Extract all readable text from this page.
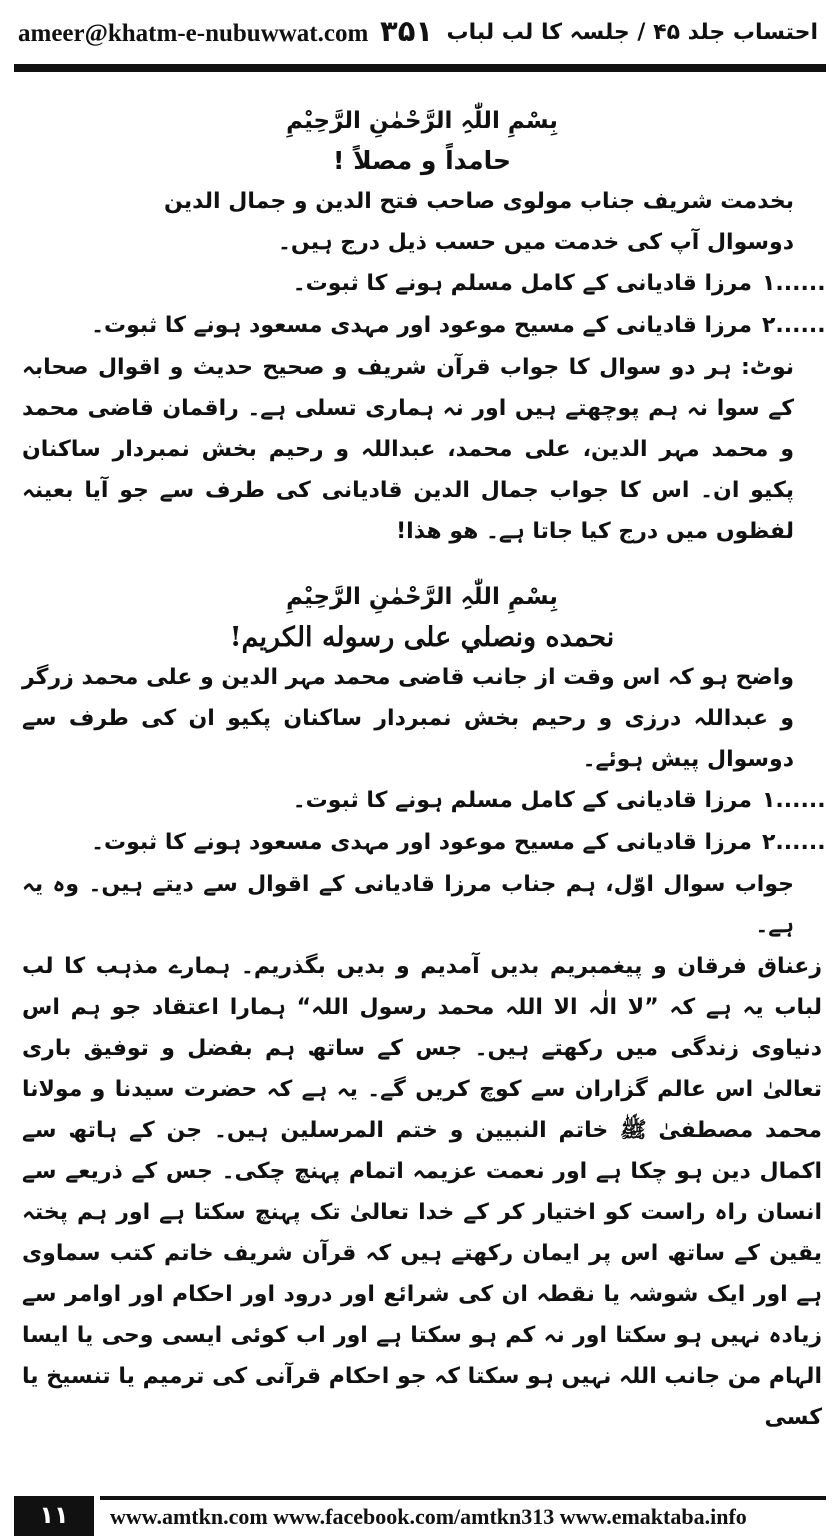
ameer@khatm-e-nubuwwat.com ۳۵۱ احتساب جلد ۴۵ / جلسہ کا لب لباب
بِسْمِ اللّٰہِ الرَّحْمٰنِ الرَّحِیْمِ
حامداً و مصلاً !

بخدمت شریف جناب مولوی صاحب فتح الدین و جمال الدین

دوسوال آپ کی خدمت میں حسب ذیل درج ہیں۔

۱......
مرزا قادیانی کے کامل مسلم ہونے کا ثبوت۔

۲......
مرزا قادیانی کے مسیح موعود اور مہدی مسعود ہونے کا ثبوت۔

نوٹ: ہر دو سوال کا جواب قرآن شریف و صحیح حدیث و اقوال صحابہ کے سوا نہ ہم پوچھتے ہیں اور نہ ہماری تسلی ہے۔ راقمان قاضی محمد و محمد مہر الدین، علی محمد، عبداللہ و رحیم بخش نمبردار ساکنان پکیو ان۔ اس کا جواب جمال الدین قادیانی کی طرف سے جو آیا بعینہ لفظوں میں درج کیا جاتا ہے۔ ھو ھذا!

بِسْمِ اللّٰہِ الرَّحْمٰنِ الرَّحِیْمِ
نحمده ونصلي على رسوله الكريم!

واضح ہو کہ اس وقت از جانب قاضی محمد مہر الدین و علی محمد زرگر و عبداللہ درزی و رحیم بخش نمبردار ساکنان پکیو ان کی طرف سے دوسوال پیش ہوئے۔

۱......
مرزا قادیانی کے کامل مسلم ہونے کا ثبوت۔

۲......
مرزا قادیانی کے مسیح موعود اور مہدی مسعود ہونے کا ثبوت۔

جواب سوال اوّل، ہم جناب مرزا قادیانی کے اقوال سے دیتے ہیں۔ وہ یہ ہے۔

زعناق فرقان و پیغمبریم بدیں آمدیم و بدیں بگذریم۔ ہمارے مذہب کا لب لباب یہ ہے کہ ”لا الٰہ الا اللہ محمد رسول اللہ“ ہمارا اعتقاد جو ہم اس دنیاوی زندگی میں رکھتے ہیں۔ جس کے ساتھ ہم بفضل و توفیق باری تعالیٰ اس عالم گزاران سے کوچ کریں گے۔ یہ ہے کہ حضرت سیدنا و مولانا محمد مصطفیٰ ﷺ خاتم النبیین و ختم المرسلین ہیں۔ جن کے ہاتھ سے اکمال دین ہو چکا ہے اور نعمت عزیمہ اتمام پہنچ چکی۔ جس کے ذریعے سے انسان راہ راست کو اختیار کر کے خدا تعالیٰ تک پہنچ سکتا ہے اور ہم پختہ یقین کے ساتھ اس پر ایمان رکھتے ہیں کہ قرآن شریف خاتم کتب سماوی ہے اور ایک شوشہ یا نقطہ ان کی شرائع اور درود اور احکام اور اوامر سے زیادہ نہیں ہو سکتا اور نہ کم ہو سکتا ہے اور اب کوئی ایسی وحی یا ایسا الہام من جانب اللہ نہیں ہو سکتا کہ جو احکام قرآنی کی ترمیم یا تنسیخ یا کسی

۱۱	www.amtkn.com www.facebook.com/amtkn313 www.emaktaba.info
